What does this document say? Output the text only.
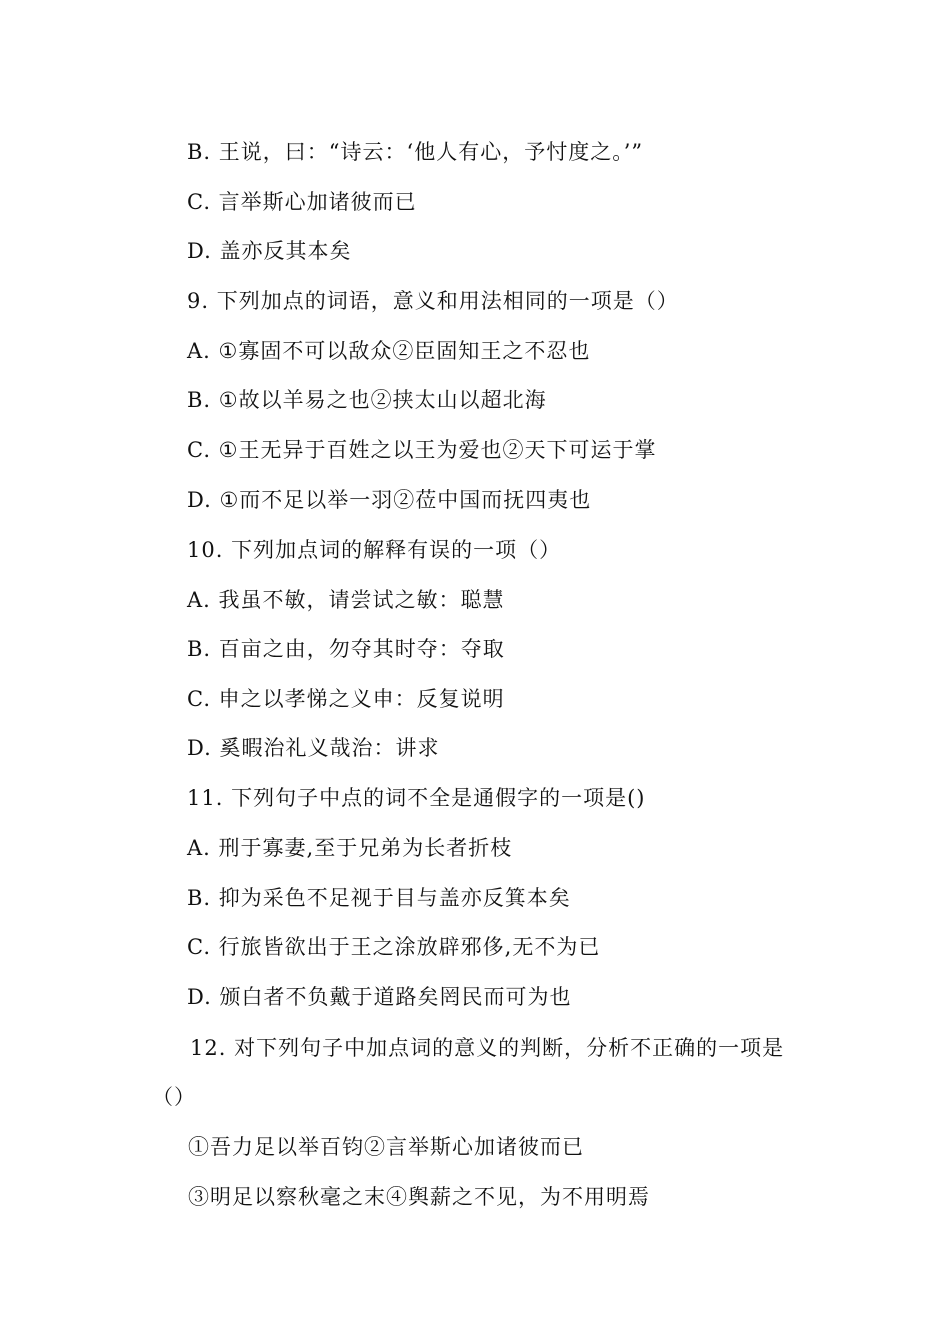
B. 王说，曰：“诗云：‘他人有心，予忖度之。’”
C. 言举斯心加诸彼而已
D. 盖亦反其本矣
9. 下列加点的词语，意义和用法相同的一项是（）
A. ①寡固不可以敌众②臣固知王之不忍也
B. ①故以羊易之也②挟太山以超北海
C. ①王无异于百姓之以王为爱也②天下可运于掌
D. ①而不足以举一羽②莅中国而抚四夷也
10. 下列加点词的解释有误的一项（）
A. 我虽不敏，请尝试之敏：聪慧
B. 百亩之由，勿夺其时夺：夺取
C. 申之以孝悌之义申：反复说明
D. 奚暇治礼义哉治：讲求
11. 下列句子中点的词不全是通假字的一项是()
A. 刑于寡妻,至于兄弟为长者折枝
B. 抑为采色不足视于目与盖亦反箕本矣
C. 行旅皆欲出于王之涂放辟邪侈,无不为已
D. 颁白者不负戴于道路矣罔民而可为也
12. 对下列句子中加点词的意义的判断，分析不正确的一项是
（）
①吾力足以举百钧②言举斯心加诸彼而已
③明足以察秋毫之末④舆薪之不见，为不用明焉
